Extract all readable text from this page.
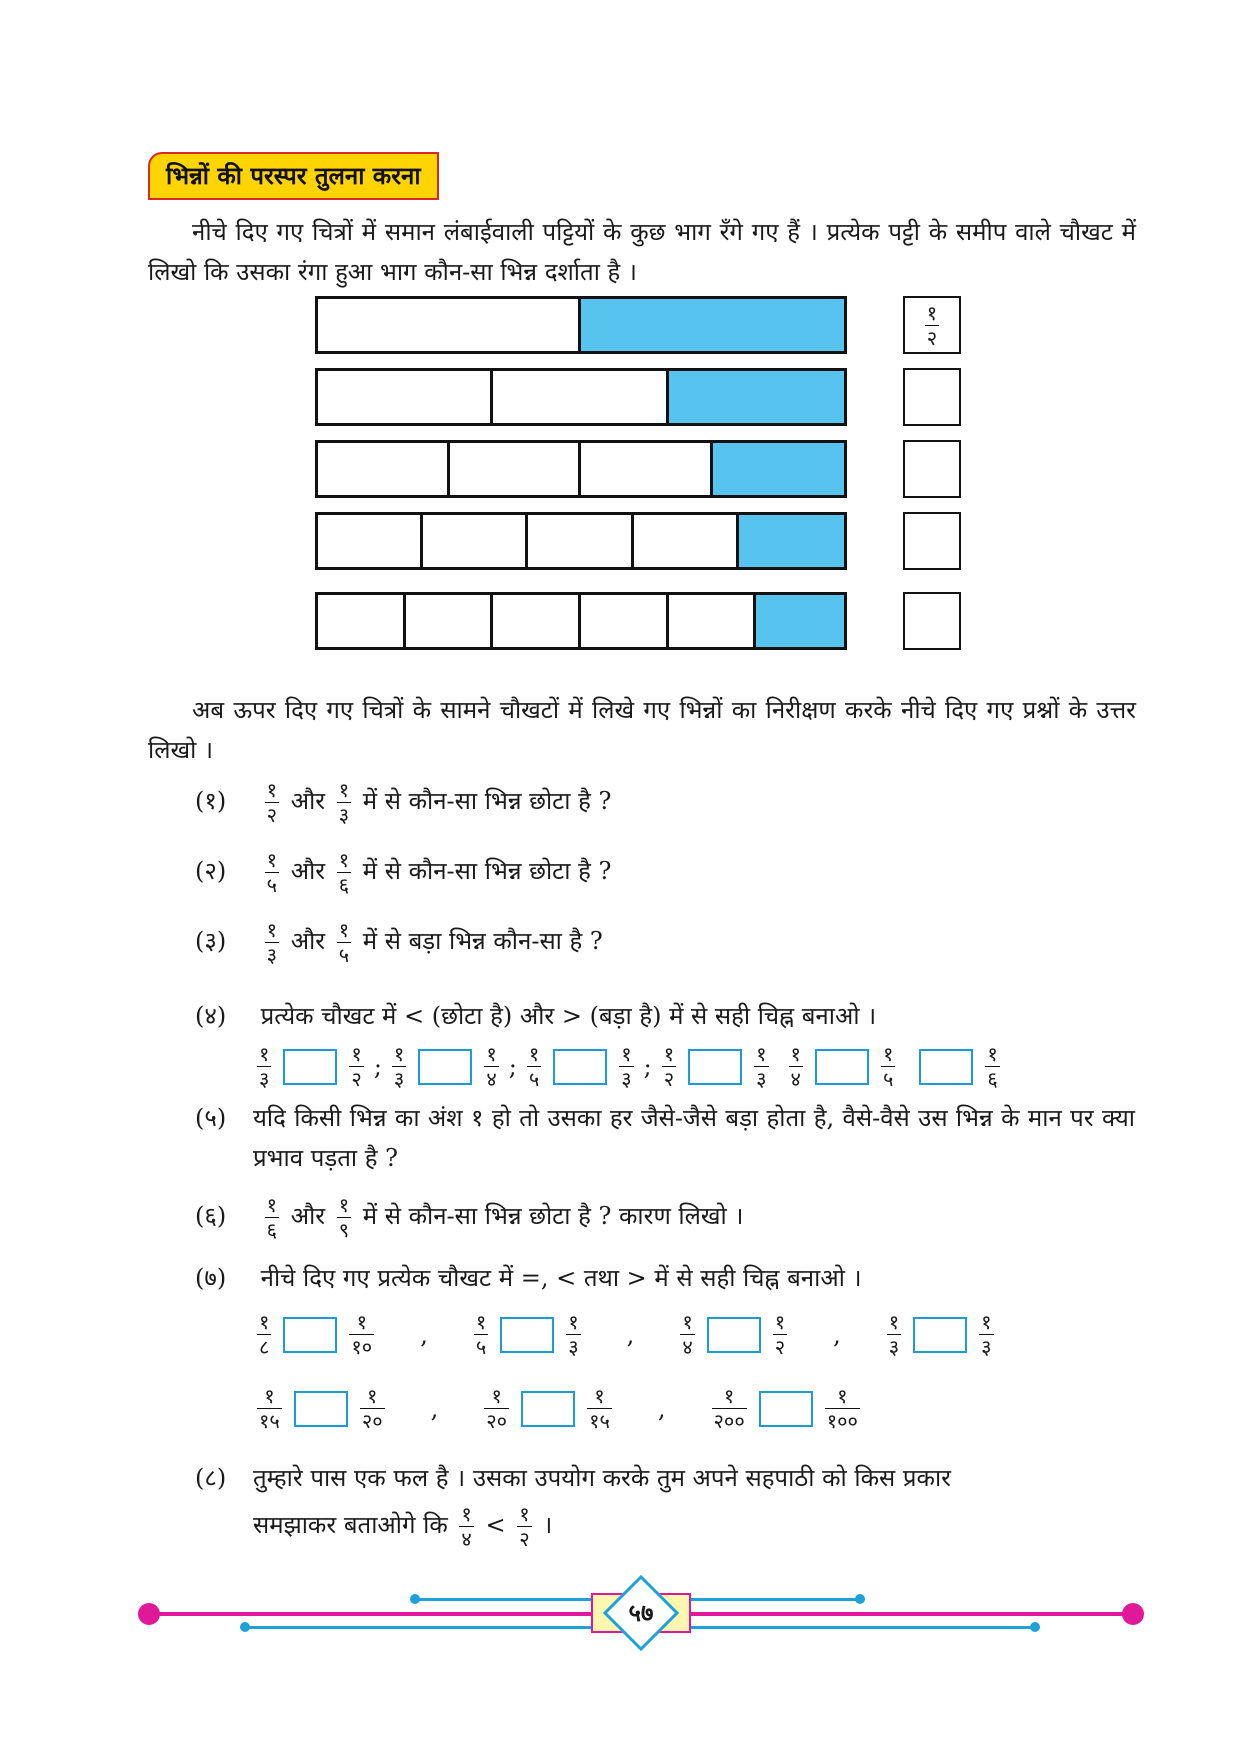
भिन्नों की परस्पर तुलना करना
नीचे दिए गए चित्रों में समान लंबाईवाली पट्टियों के कुछ भाग रँगे गए हैं । प्रत्येक पट्टी के समीप वाले चौखट में लिखो कि उसका रंगा हुआ भाग कौन-सा भिन्न दर्शाता है ।
$\frac{१}{२}$
अब ऊपर दिए गए चित्रों के सामने चौखटों में लिखे गए भिन्नों का निरीक्षण करके नीचे दिए गए प्रश्नों के उत्तर लिखो ।
(१) $\frac{१}{२}$ और $\frac{१}{३}$ में से कौन-सा भिन्न छोटा है ?
(२) $\frac{१}{५}$ और $\frac{१}{६}$ में से कौन-सा भिन्न छोटा है ?
(३) $\frac{१}{३}$ और $\frac{१}{५}$ में से बड़ा भिन्न कौन-सा है ?
(४) प्रत्येक चौखट में < (छोटा है) और > (बड़ा है) में से सही चिह्न बनाओ ।
$\frac{१}{३}$	$\frac{१}{२}$ ; $\frac{१}{३}$	$\frac{१}{४}$ ; $\frac{१}{५}$	$\frac{१}{३}$ ; $\frac{१}{२}$	$\frac{१}{३} \frac{१}{४}$	$\frac{१}{५}$	$\frac{१}{६}$
(५)	यदि किसी भिन्न का अंश १ हो तो उसका हर जैसे-जैसे बड़ा होता है, वैसे-वैसे उस भिन्न के मान पर क्या प्रभाव पड़ता है ?
(६) $\frac{१}{६}$ और $\frac{१}{९}$ में से कौन-सा भिन्न छोटा है ? कारण लिखो ।
(७) नीचे दिए गए प्रत्येक चौखट में =, < तथा > में से सही चिह्न बनाओ ।
$\frac{१}{८}$	$\frac{१}{१०}$ , $\frac{१}{५}$	$\frac{१}{३}$ , $\frac{१}{४}$	$\frac{१}{२}$ , $\frac{१}{३}$	$\frac{१}{३}$
$\frac{१}{१५}$	$\frac{१}{२०}$ , $\frac{१}{२०}$	$\frac{१}{१५}$ , $\frac{१}{२००}$	$\frac{१}{१००}$
(८)	तुम्हारे पास एक फल है । उसका उपयोग करके तुम अपने सहपाठी को किस प्रकार
समझाकर बताओगे कि $\frac{१}{४} < \frac{१}{२}$ ।
५७
